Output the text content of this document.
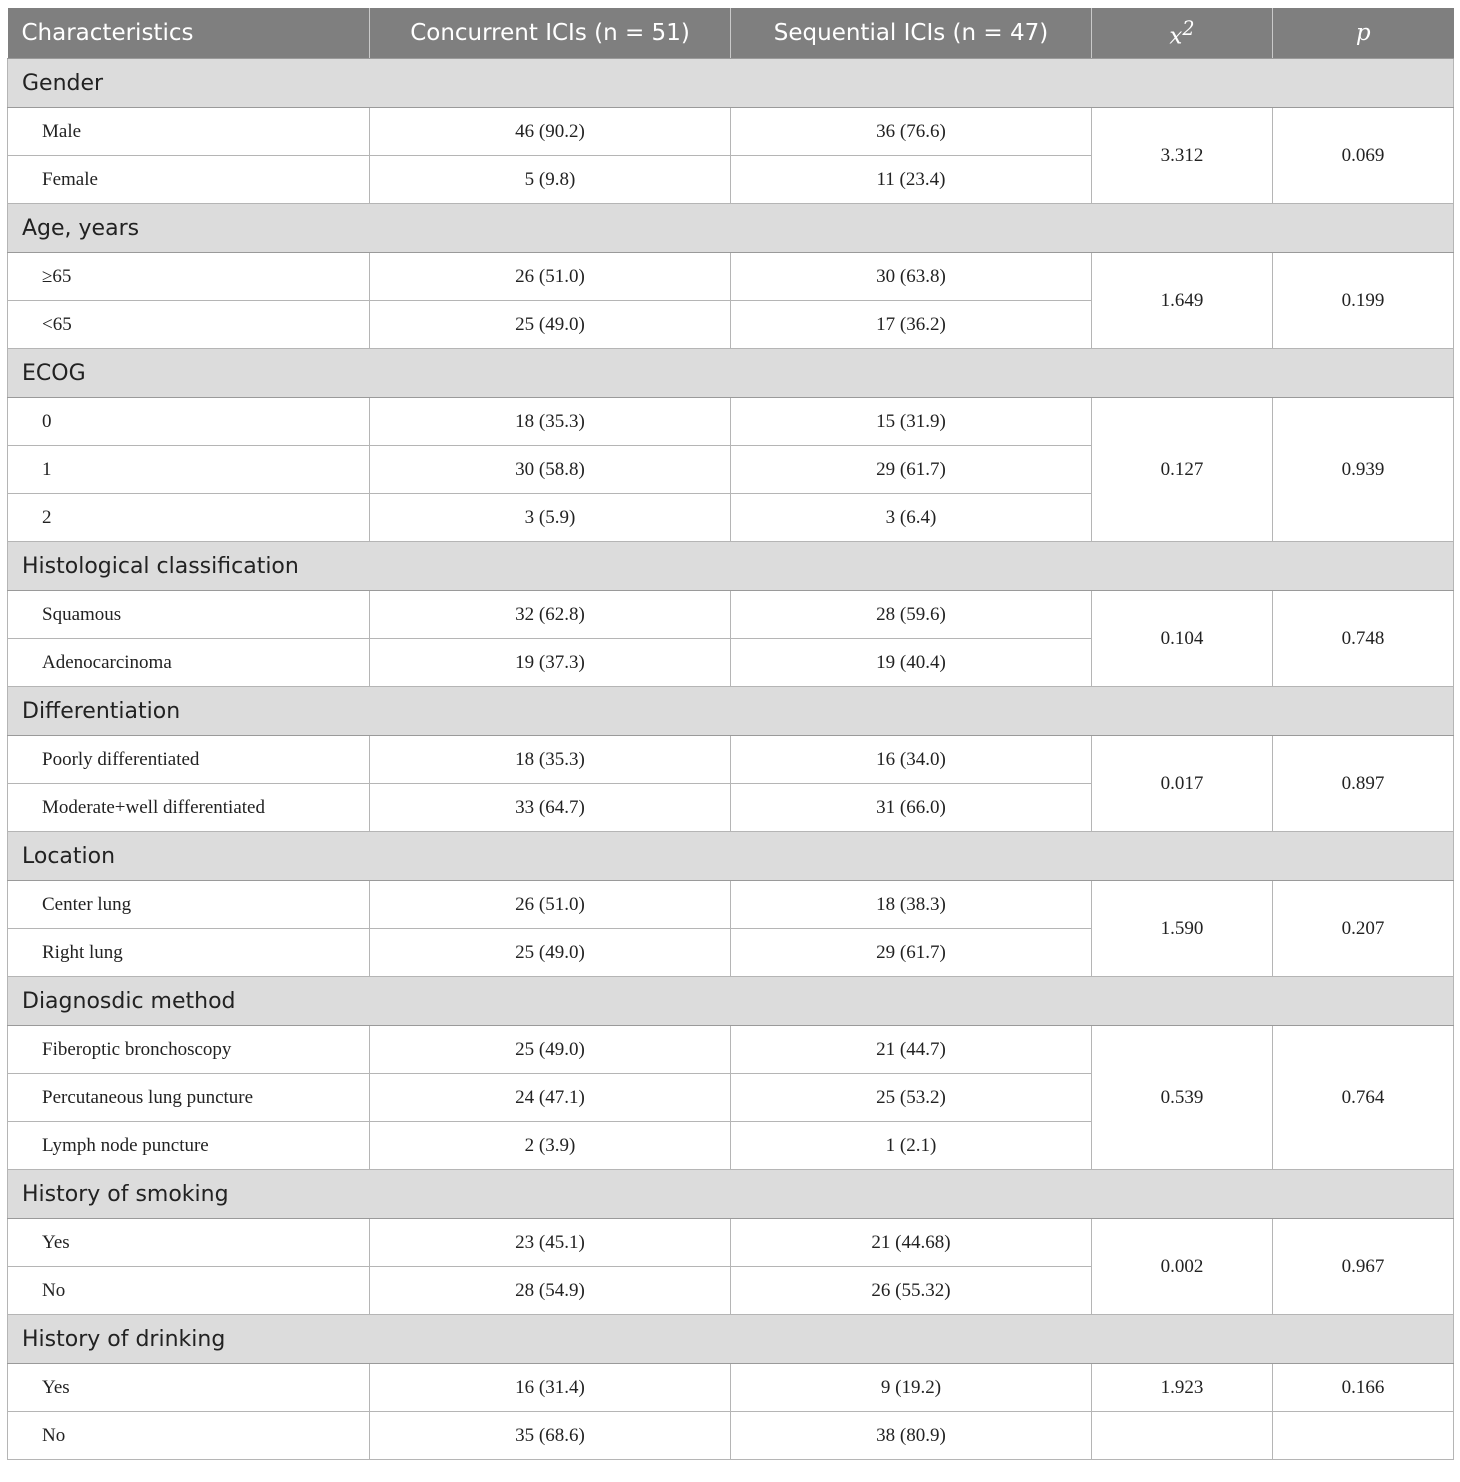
Characteristics	Concurrent ICIs (n = 51)	Sequential ICIs (n = 47)	$x^2$	p
Gender				
Male	46 (90.2)	36 (76.6)	3.312	0.069
Female	5 (9.8)	11 (23.4)		
Age, years				
≥65	26 (51.0)	30 (63.8)	1.649	0.199
<65	25 (49.0)	17 (36.2)		
ECOG				
0	18 (35.3)	15 (31.9)	0.127	0.939
1	30 (58.8)	29 (61.7)		
2	3 (5.9)	3 (6.4)		
Histological classification				
Squamous	32 (62.8)	28 (59.6)	0.104	0.748
Adenocarcinoma	19 (37.3)	19 (40.4)		
Differentiation				
Poorly differentiated	18 (35.3)	16 (34.0)	0.017	0.897
Moderate+well differentiated	33 (64.7)	31 (66.0)		
Location				
Center lung	26 (51.0)	18 (38.3)	1.590	0.207
Right lung	25 (49.0)	29 (61.7)		
Diagnosdic method				
Fiberoptic bronchoscopy	25 (49.0)	21 (44.7)	0.539	0.764
Percutaneous lung puncture	24 (47.1)	25 (53.2)		
Lymph node puncture	2 (3.9)	1 (2.1)		
History of smoking				
Yes	23 (45.1)	21 (44.68)	0.002	0.967
No	28 (54.9)	26 (55.32)		
History of drinking				
Yes	16 (31.4)	9 (19.2)	1.923	0.166
No	35 (68.6)	38 (80.9)		
